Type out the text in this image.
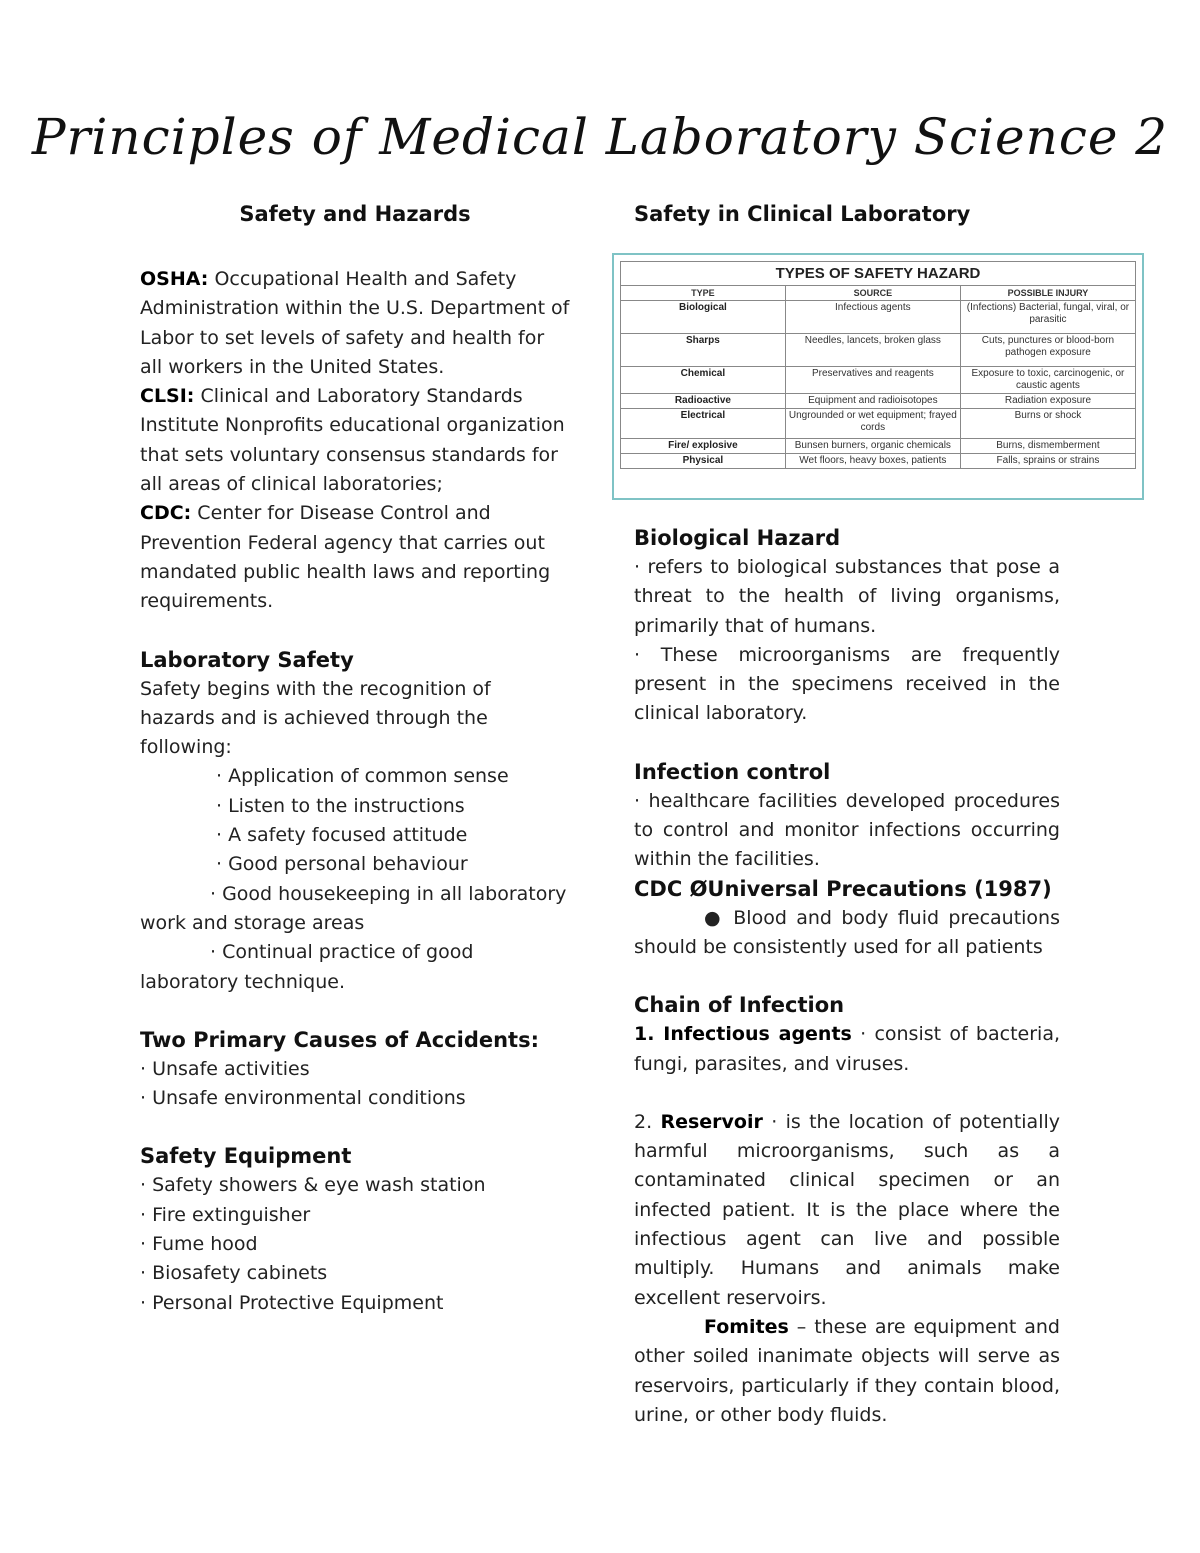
Principles of Medical Laboratory Science 2
Safety and Hazards

OSHA: Occupational Health and Safety Administration within the U.S. Department of Labor to set levels of safety and health for all workers in the United States.

CLSI: Clinical and Laboratory Standards Institute Nonprofits educational organization that sets voluntary consensus standards for all areas of clinical laboratories;

CDC: Center for Disease Control and Prevention Federal agency that carries out mandated public health laws and reporting requirements.

Laboratory Safety

Safety begins with the recognition of hazards and is achieved through the following:

· Application of common sense

· Listen to the instructions

· A safety focused attitude

· Good personal behaviour

· Good housekeeping in all laboratory work and storage areas

· Continual practice of good laboratory technique.

Two Primary Causes of Accidents:

· Unsafe activities

· Unsafe environmental conditions

Safety Equipment

· Safety showers & eye wash station

· Fire extinguisher

· Fume hood

· Biosafety cabinets

· Personal Protective Equipment

Safety in Clinical Laboratory
TYPES OF SAFETY HAZARD
TYPE	SOURCE	POSSIBLE INJURY
Biological	Infectious agents	(Infections) Bacterial, fungal, viral, or parasitic
Sharps	Needles, lancets, broken glass	Cuts, punctures or blood-born pathogen exposure
Chemical	Preservatives and reagents	Exposure to toxic, carcinogenic, or caustic agents
Radioactive	Equipment and radioisotopes	Radiation exposure
Electrical	Ungrounded or wet equipment; frayed cords	Burns or shock
Fire/ explosive	Bunsen burners, organic chemicals	Burns, dismemberment
Physical	Wet floors, heavy boxes, patients	Falls, sprains or strains
Biological Hazard

· refers to biological substances that pose a threat to the health of living organisms, primarily that of humans.

· These microorganisms are frequently present in the specimens received in the clinical laboratory.

Infection control

· healthcare facilities developed procedures to control and monitor infections occurring within the facilities.

CDC ØUniversal Precautions (1987)

● Blood and body fluid precautions should be consistently used for all patients

Chain of Infection

1. Infectious agents · consist of bacteria, fungi, parasites, and viruses.

2. Reservoir · is the location of potentially harmful microorganisms, such as a contaminated clinical specimen or an infected patient. It is the place where the infectious agent can live and possible multiply. Humans and animals make excellent reservoirs.

Fomites – these are equipment and other soiled inanimate objects will serve as reservoirs, particularly if they contain blood, urine, or other body fluids.
